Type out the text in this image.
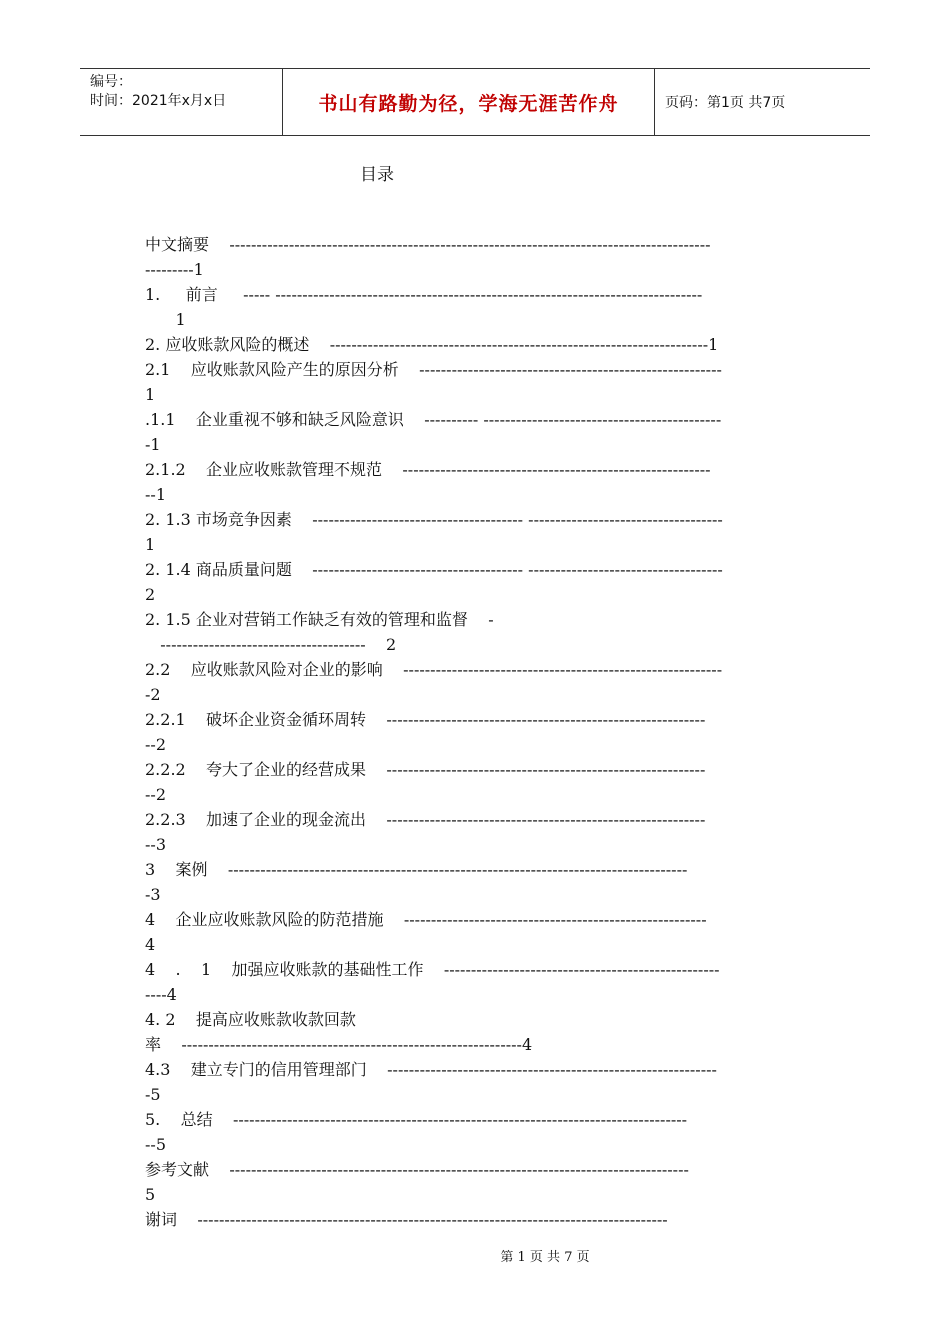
编号：
时间：2021年x月x日	书山有路勤为径，学海无涯苦作舟	页码：第1页 共7页
目录
中文摘要    -----------------------------------------------------------------------------------------
---------1
1.     前言     ----- -------------------------------------------------------------------------------
1
2. 应收账款风险的概述    ----------------------------------------------------------------------1
2.1    应收账款风险产生的原因分析    --------------------------------------------------------
1
.1.1    企业重视不够和缺乏风险意识    ---------- --------------------------------------------
-1
2.1.2    企业应收账款管理不规范    ---------------------------------------------------------
--1
2. 1.3 市场竞争因素    --------------------------------------- ------------------------------------
1
2. 1.4 商品质量问题    --------------------------------------- ------------------------------------
2
2. 1.5 企业对营销工作缺乏有效的管理和监督    -
--------------------------------------    2
2.2    应收账款风险对企业的影响    -----------------------------------------------------------
-2
2.2.1    破坏企业资金循环周转    -----------------------------------------------------------
--2
2.2.2    夸大了企业的经营成果    -----------------------------------------------------------
--2
2.2.3    加速了企业的现金流出    -----------------------------------------------------------
--3
3    案例    -------------------------------------------------------------------------------------
-3
4    企业应收账款风险的防范措施    --------------------------------------------------------
4
4    .    1    加强应收账款的基础性工作    ---------------------------------------------------
----4
4. 2    提高应收账款收款回款
率    ---------------------------------------------------------------4
4.3    建立专门的信用管理部门    -------------------------------------------------------------
-5
5.    总结    ------------------------------------------------------------------------------------
--5
参考文献    -------------------------------------------------------------------------------------
5
谢词    ---------------------------------------------------------------------------------------
第 1 页 共 7 页
